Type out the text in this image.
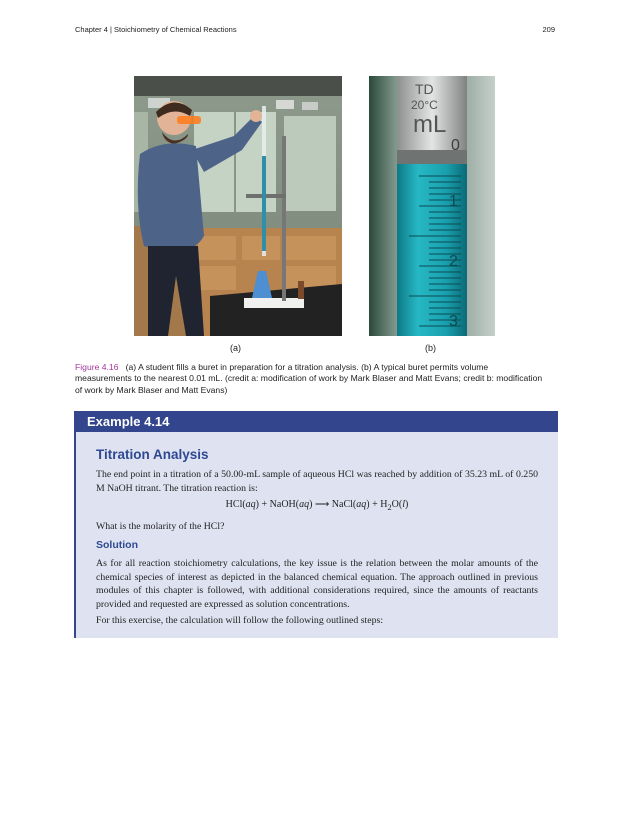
Chapter 4 | Stoichiometry of Chemical Reactions	209
TD
20°C
mL
0
1
2
3
(a)	(b)
Figure 4.16 (a) A student fills a buret in preparation for a titration analysis. (b) A typical buret permits volume measurements to the nearest 0.01 mL. (credit a: modification of work by Mark Blaser and Matt Evans; credit b: modification of work by Mark Blaser and Matt Evans)
Example 4.14
Titration Analysis
The end point in a titration of a 50.00-mL sample of aqueous HCl was reached by addition of 35.23 mL of 0.250 M NaOH titrant. The titration reaction is:
HCl(aq) + NaOH(aq) ⟶ NaCl(aq) + $H_2O(l)$
What is the molarity of the HCl?
Solution
As for all reaction stoichiometry calculations, the key issue is the relation between the molar amounts of the chemical species of interest as depicted in the balanced chemical equation. The approach outlined in previous modules of this chapter is followed, with additional considerations required, since the amounts of reactants provided and requested are expressed as solution concentrations.
For this exercise, the calculation will follow the following outlined steps:
